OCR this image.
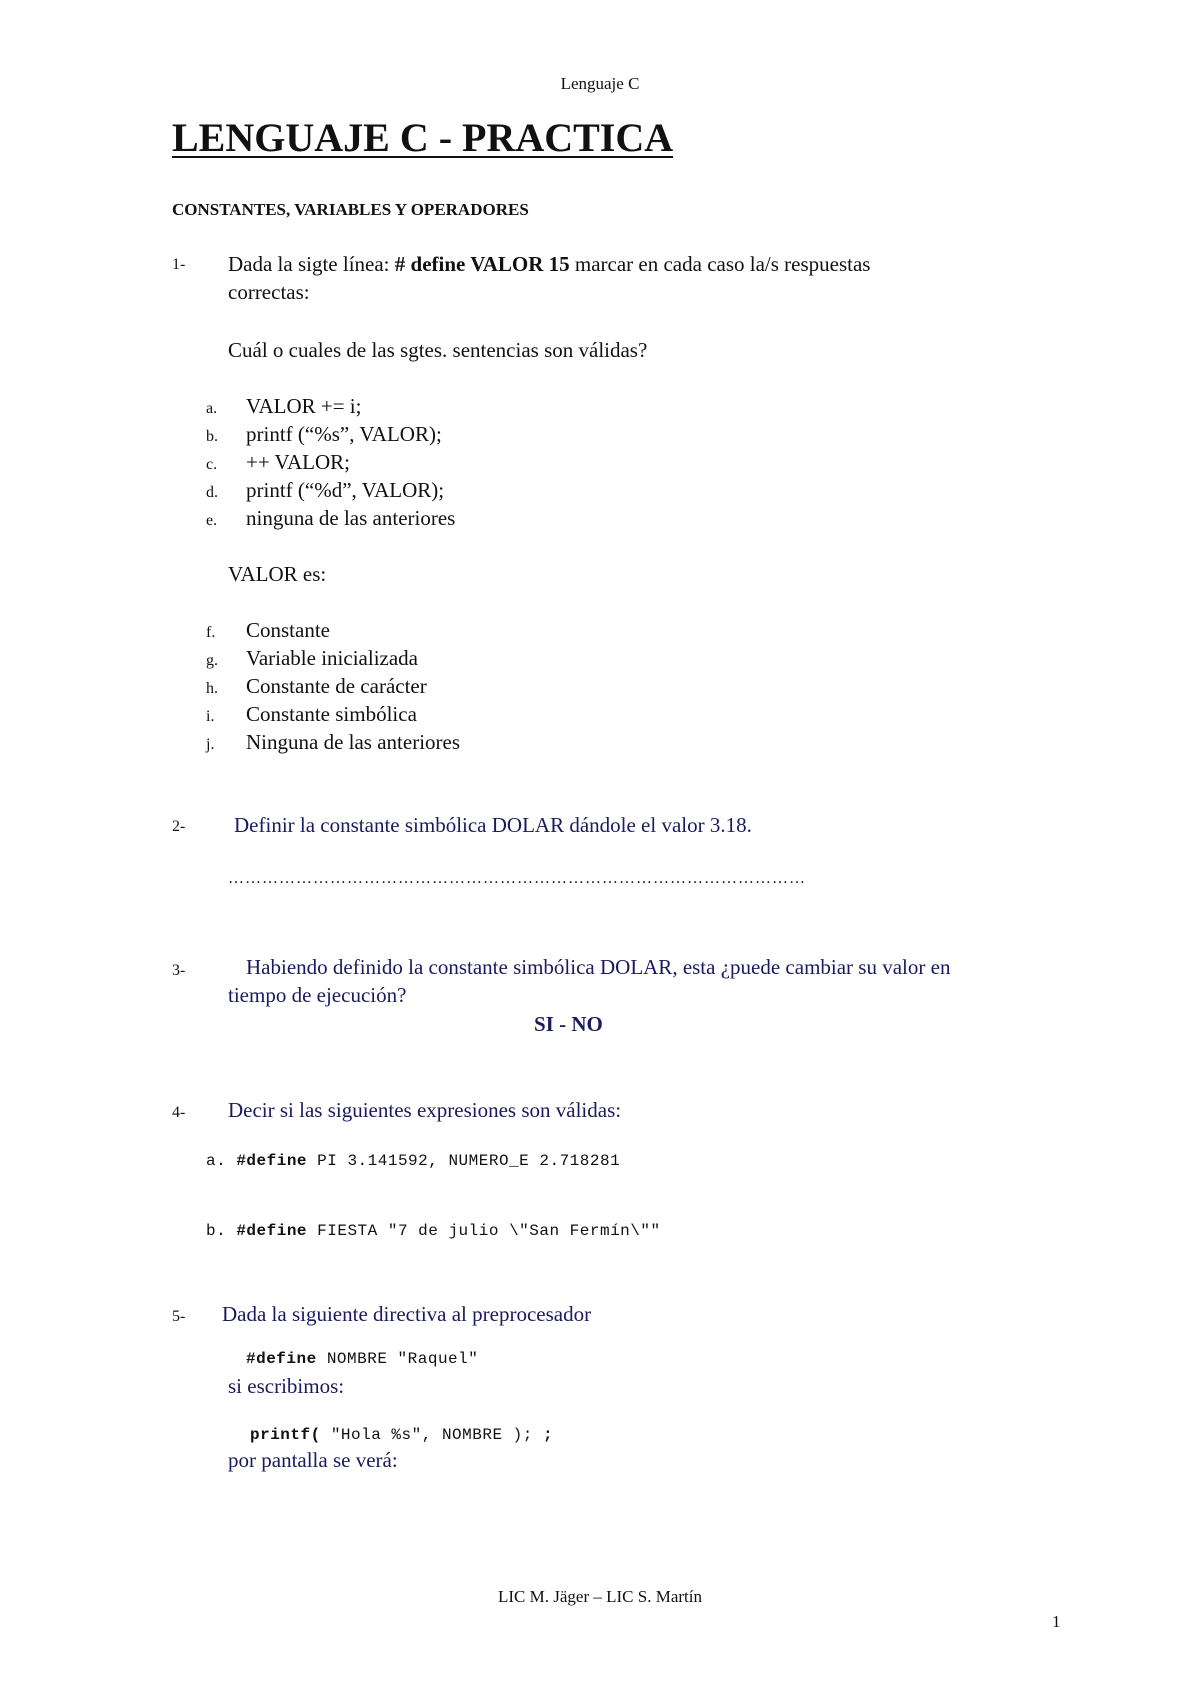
Lenguaje C
LENGUAJE C - PRACTICA
CONSTANTES, VARIABLES Y OPERADORES
1- Dada la sigte línea: # define VALOR 15 marcar en cada caso la/s respuestas
correctas:
Cuál o cuales de las sgtes. sentencias son válidas?
a. VALOR += i;
b. printf (“%s”, VALOR);
c. ++ VALOR;
d. printf (“%d”, VALOR);
e. ninguna de las anteriores
VALOR es:
f. Constante
g. Variable inicializada
h. Constante de carácter
i. Constante simbólica
j. Ninguna de las anteriores
2- Definir la constante simbólica DOLAR dándole el valor 3.18.
…………………………………………………………………………………………
3-	Habiendo definido la constante simbólica DOLAR, esta ¿puede cambiar su valor en
tiempo de ejecución?
SI - NO
4- Decir si las siguientes expresiones son válidas:
a. #define PI 3.141592, NUMERO_E 2.718281
b. #define FIESTA "7 de julio \"San Fermín\""
5- Dada la siguiente directiva al preprocesador
#define NOMBRE "Raquel"
si escribimos:
printf( "Hola %s", NOMBRE ); ;
por pantalla se verá:
LIC M. Jäger – LIC S. Martín
1
